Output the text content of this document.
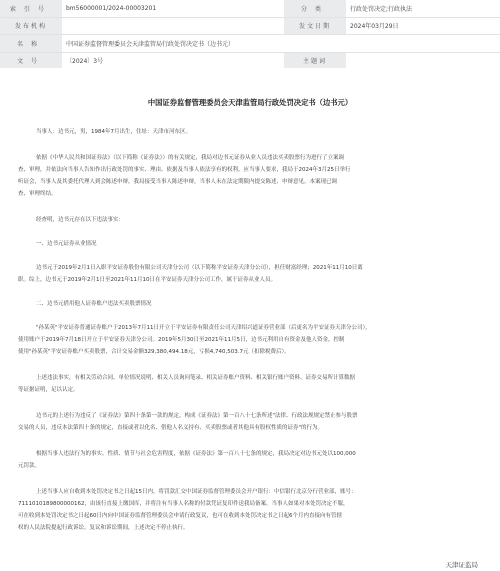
索引号	bm56000001/2024-00003201	分类	行政处罚决定;行政执法
发布机构		发文日期	2024年03月29日
名称	中国证券监督管理委员会天津监管局行政处罚决定书（边书元）		
文号	〔2024〕3号	主题词	
中国证券监督管理委员会天津监管局行政处罚决定书（边书元）
当事人：边书元，男，1984年7月出生，住址：天津市河东区。
依据《中华人民共和国证券法》（以下简称《证券法》）的有关规定，我局对边书元证券从业人员违法买卖股票行为进行了立案调
查、审理，并依法向当事人告知作出行政处罚的事实、理由、依据及当事人依法享有的权利。应当事人要求，我局于2024年3月25日举行
听证会，当事人及其委托代理人到会陈述申辩，我局接受当事人陈述申辩，当事人未在法定期限内提交陈述、申辩意见。本案现已调
查、审理终结。
经查明，边书元存在以下违法事实：
一、边书元证券从业情况
边书元于2019年2月1日入职平安证券股份有限公司天津分公司（以下简称平安证券天津分公司），担任财富经理；2021年11月10日离
职。综上，边书元于2019年2月1日至2021年11月10日在平安证券天津分公司工作，属于证券从业人员。
二、边书元借用他人证券账户违法买卖股票情况
"孙某英"平安证券普通证券账户于2013年7月11日开立于平安证券有限责任公司天津绍兴道证券营业部（后更名为平安证券天津分公司），
使用账户于2019年7月18日开立于平安证券天津分公司。2019年5月30日至2021年11月5日，边书元利用自有资金及他人资金，控制
使用"孙某英"平安证券账户买卖股票，合计交易金额329,380,494.18元，亏损4,740,503.7元（扣除税费后）。
上述违法事实，有相关劳动合同、单位情况说明、相关人员询问笔录、相关证券账户资料、相关银行账户资料、证券交易所计算数据
等证据证明，足以认定。
边书元的上述行为违反了《证券法》第四十条第一款的规定，构成《证券法》第一百八十七条所述"法律、行政法规规定禁止参与股票
交易的人员，违反本法第四十条的规定，直接或者以化名、借他人名义持有、买卖股票或者其他具有股权性质的证券"的行为。
根据当事人违法行为的事实、性质、情节与社会危害程度，依据《证券法》第一百八十七条的规定，我局决定对边书元处以100,000
元罚款。
上述当事人应自收到本处罚决定书之日起15日内，将罚款汇交中国证券监督管理委员会开户银行：中信银行北京分行营业部，账号：
7111010189800000162，由该行直接上缴国库，并将注有当事人名称的付款凭证复印件送我局备案。当事人如果对本处罚决定不服，
可在收到本处罚决定书之日起60日内向中国证券监督管理委员会申请行政复议，也可在收到本处罚决定书之日起6个月内直接向有管辖
权的人民法院提起行政诉讼。复议和诉讼期间，上述决定不停止执行。
天津证监局
